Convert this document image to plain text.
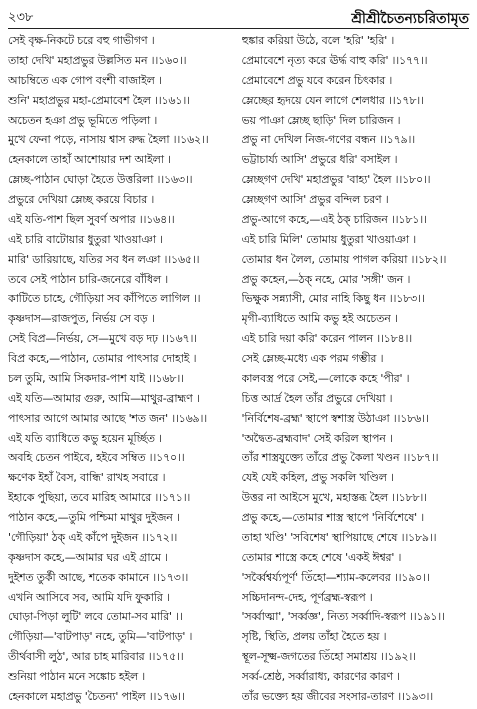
২৩৮	শ্রীশ্রীচৈতন্যচরিতামৃত
সেই বৃক্ষ-নিকটে চরে বহু গাভীগণ ।
তাহা দেখি' মহাপ্রভুর উল্লসিত মন ।।১৬০।।
আচম্বিতে এক গোপ বংশী বাজাইল ।
শুনি' মহাপ্রভুর মহা-প্রেমাবেশ হৈল ।।১৬১।।
অচেতন হঞা প্রভু ভূমিতে পড়িলা ।
মুখে ফেনা পড়ে, নাসায় শ্বাস রুদ্ধ হৈলা ।।১৬২।।
হেনকালে তাহাঁ আশোয়ার দশ আইলা ।
ম্লেচ্ছ-পাঠান ঘোড়া হৈতে উত্তরিলা ।।১৬৩।।
প্রভুরে দেখিয়া ম্লেচ্ছ করয়ে বিচার ।
এই যতি-পাশ ছিল সুবর্ণ অপার ।।১৬৪।।
এই চারি বাটোয়ার ধুতুরা খাওয়াঞা ।
মারি' ডারিয়াছে, যতির সব ধন লঞা ।।১৬৫।।
তবে সেই পাঠান চারি-জনেরে বাঁধিল ।
কাটিতে চাহে, গৌড়িয়া সব কাঁপিতে লাগিল ।।
কৃষ্ণদাস—রাজপুত, নির্ভয় সে বড় ।
সেই বিপ্র—নির্ভয়, সে—মুখে বড় দঢ় ।।১৬৭।।
বিপ্র কহে,—পাঠান, তোমার পাৎসার দোহাই ।
চল তুমি, আমি সিকদার-পাশ যাই ।।১৬৮।।
এই যতি—আমার গুরু, আমি—মাথুর-ব্রাহ্মণ ।
পাৎসার আগে আমার আছে 'শত জন' ।।১৬৯।।
এই যতি ব্যাধিতে কভু হয়েন মূর্চ্ছিত ।
অবহি চেতন পাইবে, হইবে সম্বিত ।।১৭০।।
ক্ষণেক ইহাঁ বৈস, বান্ধি' রাখহ সবারে ।
ইহাকে পুছিয়া, তবে মারিহ আমারে ।।১৭১।।
পাঠান কহে,—তুমি পশ্চিমা মাথুর দুইজন ।
'গৌড়িয়া' ঠক্ এই কাঁপে দুইজন ।।১৭২।।
কৃষ্ণদাস কহে,—আমার ঘর এই গ্রামে ।
দুইশত তুর্কী আছে, শতেক কামানে ।।১৭৩।।
এখনি আসিবে সব, আমি যদি ফুকারি ।
ঘোড়া-পিড়া লুটি' লবে তোমা-সব মারি' ।।
গৌড়িয়া—'বাটপাড়' নহে, তুমি—'বাটপাড়' ।
তীর্থবাসী লুঠ', আর চাহ মারিবার ।।১৭৫।।
শুনিয়া পাঠান মনে সঙ্কোচ হইল ।
হেনকালে মহাপ্রভু 'চৈতন্য' পাইল ।।১৭৬।।
হুঙ্কার করিয়া উঠে, বলে 'হরি' 'হরি' ।
প্রেমাবেশে নৃত্য করে ঊর্দ্ধ বাহু করি' ।।১৭৭।।
প্রেমাবেশে প্রভু যবে করেন চিৎকার ।
ম্লেচ্ছের হৃদয়ে যেন লাগে শেলধার ।।১৭৮।।
ভয় পাঞা ম্লেচ্ছ ছাড়ি' দিল চারিজন ।
প্রভু না দেখিল নিজ-গণের বন্ধন ।।১৭৯।।
ভট্টাচার্য্য আসি' প্রভুরে ধরি' বসাইল ।
ম্লেচ্ছগণ দেখি' মহাপ্রভুর 'বাহ্য' হৈল ।।১৮০।।
ম্লেচ্ছগণ আসি' প্রভুর বন্দিল চরণ ।
প্রভু-আগে কহে,—এই ঠক্ চারিজন ।।১৮১।।
এই চারি মিলি' তোমায় ধুতুরা খাওয়াঞা ।
তোমার ধন লৈল, তোমায় পাগল করিয়া ।।১৮২।।
প্রভু কহেন,—ঠক্ নহে, মোর 'সঙ্গী' জন ।
ভিক্ষুক সন্ন্যাসী, মোর নাহি কিছু ধন ।।১৮৩।।
মৃগী-ব্যাধিতে আমি কভু হই অচেতন ।
এই চারি দয়া করি' করেন পালন ।।১৮৪।।
সেই ম্লেচ্ছ-মধ্যে এক পরম গম্ভীর ।
কালবস্ত্র পরে সেই,—লোকে কহে 'পীর' ।
চিত্ত আর্দ্র হৈল তাঁর প্রভুরে দেখিয়া ।
'নির্বিশেষ-ব্রহ্ম' স্থাপে স্বশাস্ত্র উঠাঞা ।।১৮৬।।
'অদ্বৈত-ব্রহ্মবাদ' সেই করিল স্থাপন ।
তাঁর শাস্ত্রযুক্ত্যে তাঁরে প্রভু কৈলা খণ্ডন ।।১৮৭।।
যেই যেই কহিল, প্রভু সকলি খণ্ডিল ।
উত্তর না আইসে মুখে, মহাস্তব্ধ হৈল ।।১৮৮।।
প্রভু কহে,—তোমার শাস্ত্র স্থাপে 'নির্বিশেষে' ।
তাহা খণ্ডি' 'সবিশেষ' স্থাপিয়াছে শেষে ।।১৮৯।।
তোমার শাস্ত্রে কহে শেষে 'একই ঈশ্বর' ।
'সর্ব্বৈশ্বর্য্যপূর্ণ' তিঁহো—শ্যাম-কলেবর ।।১৯০।।
সচ্চিদানন্দ-দেহ, পূর্ণব্রহ্ম-স্বরূপ ।
'সর্ব্বাত্মা', 'সর্ব্বজ্ঞ', নিত্য সর্ব্বাদি-স্বরূপ ।।১৯১।।
সৃষ্টি, স্থিতি, প্রলয় তাঁহা হৈতে হয় ।
স্থূল-সূক্ষ্ম-জগতের তিঁহো সমাশ্রয় ।।১৯২।।
সর্ব্ব-শ্রেষ্ঠ, সর্ব্বারাধ্য, কারণের কারণ ।
তাঁর ভক্ত্যে হয় জীবের সংসার-তারণ ।।১৯৩।।
